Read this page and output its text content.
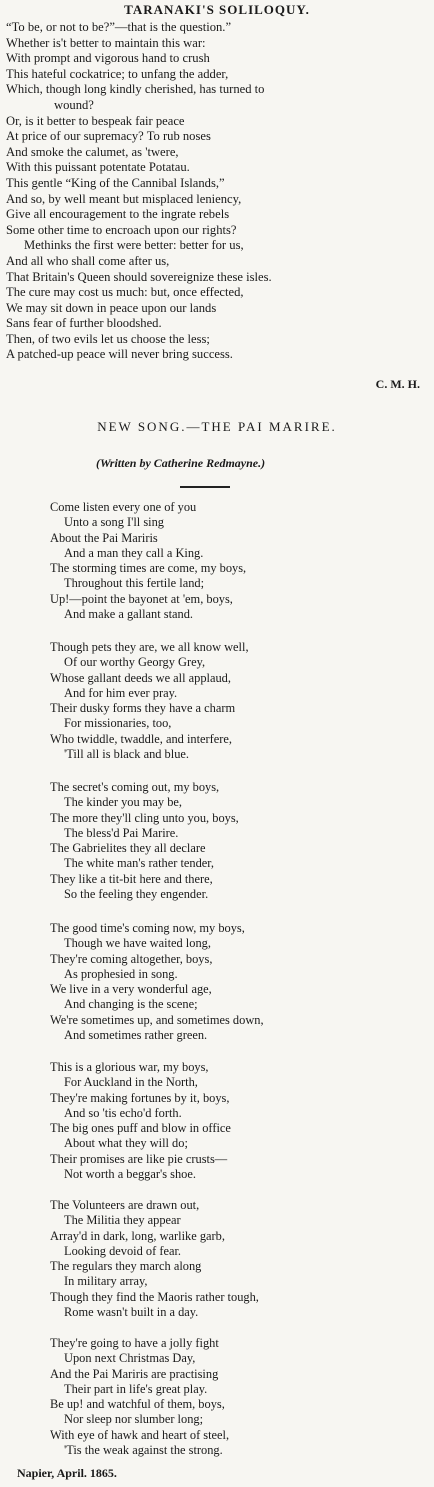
TARANAKI'S SOLILOQUY.
“To be, or not to be?”—that is the question.”
Whether is't better to maintain this war:
With prompt and vigorous hand to crush
This hateful cockatrice; to unfang the adder,
Which, though long kindly cherished, has turned to
wound?
Or, is it better to bespeak fair peace
At price of our supremacy? To rub noses
And smoke the calumet, as 'twere,
With this puissant potentate Potatau.
This gentle “King of the Cannibal Islands,”
And so, by well meant but misplaced leniency,
Give all encouragement to the ingrate rebels
Some other time to encroach upon our rights?
Methinks the first were better: better for us,
And all who shall come after us,
That Britain's Queen should sovereignize these isles.
The cure may cost us much: but, once effected,
We may sit down in peace upon our lands
Sans fear of further bloodshed.
Then, of two evils let us choose the less;
A patched-up peace will never bring success.
C. M. H.
NEW SONG.—THE PAI MARIRE.
(Written by Catherine Redmayne.)
Come listen every one of you
Unto a song I'll sing
About the Pai Mariris
And a man they call a King.
The storming times are come, my boys,
Throughout this fertile land;
Up!—point the bayonet at 'em, boys,
And make a gallant stand.
Though pets they are, we all know well,
Of our worthy Georgy Grey,
Whose gallant deeds we all applaud,
And for him ever pray.
Their dusky forms they have a charm
For missionaries, too,
Who twiddle, twaddle, and interfere,
'Till all is black and blue.
The secret's coming out, my boys,
The kinder you may be,
The more they'll cling unto you, boys,
The bless'd Pai Marire.
The Gabrielites they all declare
The white man's rather tender,
They like a tit-bit here and there,
So the feeling they engender.
The good time's coming now, my boys,
Though we have waited long,
They're coming altogether, boys,
As prophesied in song.
We live in a very wonderful age,
And changing is the scene;
We're sometimes up, and sometimes down,
And sometimes rather green.
This is a glorious war, my boys,
For Auckland in the North,
They're making fortunes by it, boys,
And so 'tis echo'd forth.
The big ones puff and blow in office
About what they will do;
Their promises are like pie crusts—
Not worth a beggar's shoe.
The Volunteers are drawn out,
The Militia they appear
Array'd in dark, long, warlike garb,
Looking devoid of fear.
The regulars they march along
In military array,
Though they find the Maoris rather tough,
Rome wasn't built in a day.
They're going to have a jolly fight
Upon next Christmas Day,
And the Pai Mariris are practising
Their part in life's great play.
Be up! and watchful of them, boys,
Nor sleep nor slumber long;
With eye of hawk and heart of steel,
'Tis the weak against the strong.
Napier, April. 1865.
